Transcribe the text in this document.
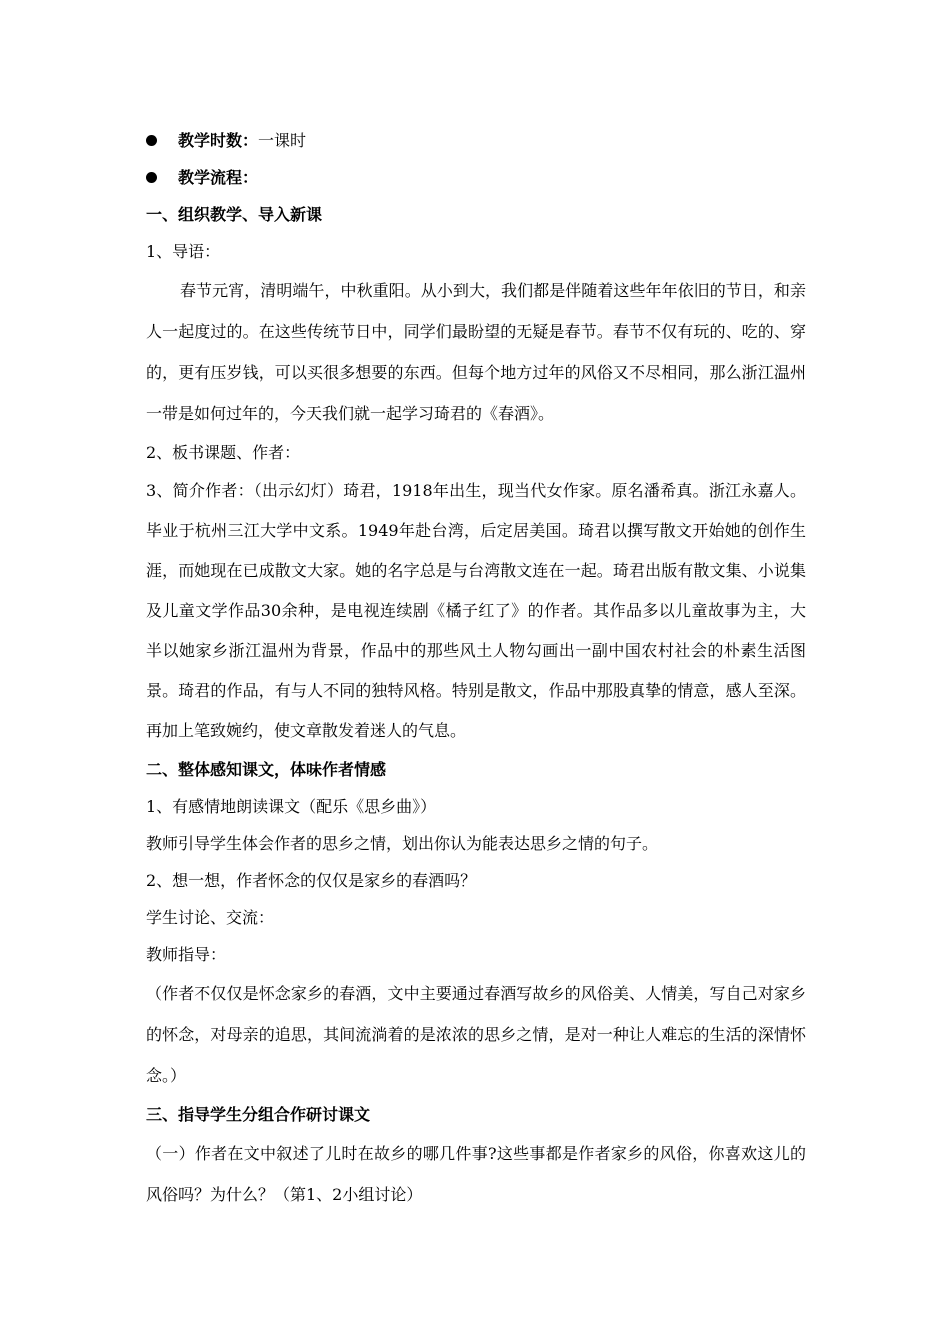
教学时数：一课时
教学流程：
一、组织教学、导入新课
1、导语：
春节元宵，清明端午，中秋重阳。从小到大，我们都是伴随着这些年年依旧的节日，和亲人一起度过的。在这些传统节日中，同学们最盼望的无疑是春节。春节不仅有玩的、吃的、穿的，更有压岁钱，可以买很多想要的东西。但每个地方过年的风俗又不尽相同，那么浙江温州一带是如何过年的，今天我们就一起学习琦君的《春酒》。
2、板书课题、作者：
3、简介作者：（出示幻灯）琦君，1918年出生，现当代女作家。原名潘希真。浙江永嘉人。毕业于杭州三江大学中文系。1949年赴台湾，后定居美国。琦君以撰写散文开始她的创作生涯，而她现在已成散文大家。她的名字总是与台湾散文连在一起。琦君出版有散文集、小说集及儿童文学作品30余种，是电视连续剧《橘子红了》的作者。其作品多以儿童故事为主，大半以她家乡浙江温州为背景，作品中的那些风土人物勾画出一副中国农村社会的朴素生活图景。琦君的作品，有与人不同的独特风格。特别是散文，作品中那股真挚的情意，感人至深。再加上笔致婉约，使文章散发着迷人的气息。
二、整体感知课文，体味作者情感
1、有感情地朗读课文（配乐《思乡曲》）
教师引导学生体会作者的思乡之情，划出你认为能表达思乡之情的句子。
2、想一想，作者怀念的仅仅是家乡的春酒吗？
学生讨论、交流：
教师指导：
（作者不仅仅是怀念家乡的春酒，文中主要通过春酒写故乡的风俗美、人情美，写自己对家乡的怀念，对母亲的追思，其间流淌着的是浓浓的思乡之情，是对一种让人难忘的生活的深情怀念。）
三、指导学生分组合作研讨课文
（一）作者在文中叙述了儿时在故乡的哪几件事?这些事都是作者家乡的风俗，你喜欢这儿的风俗吗？为什么？（第1、2小组讨论）
